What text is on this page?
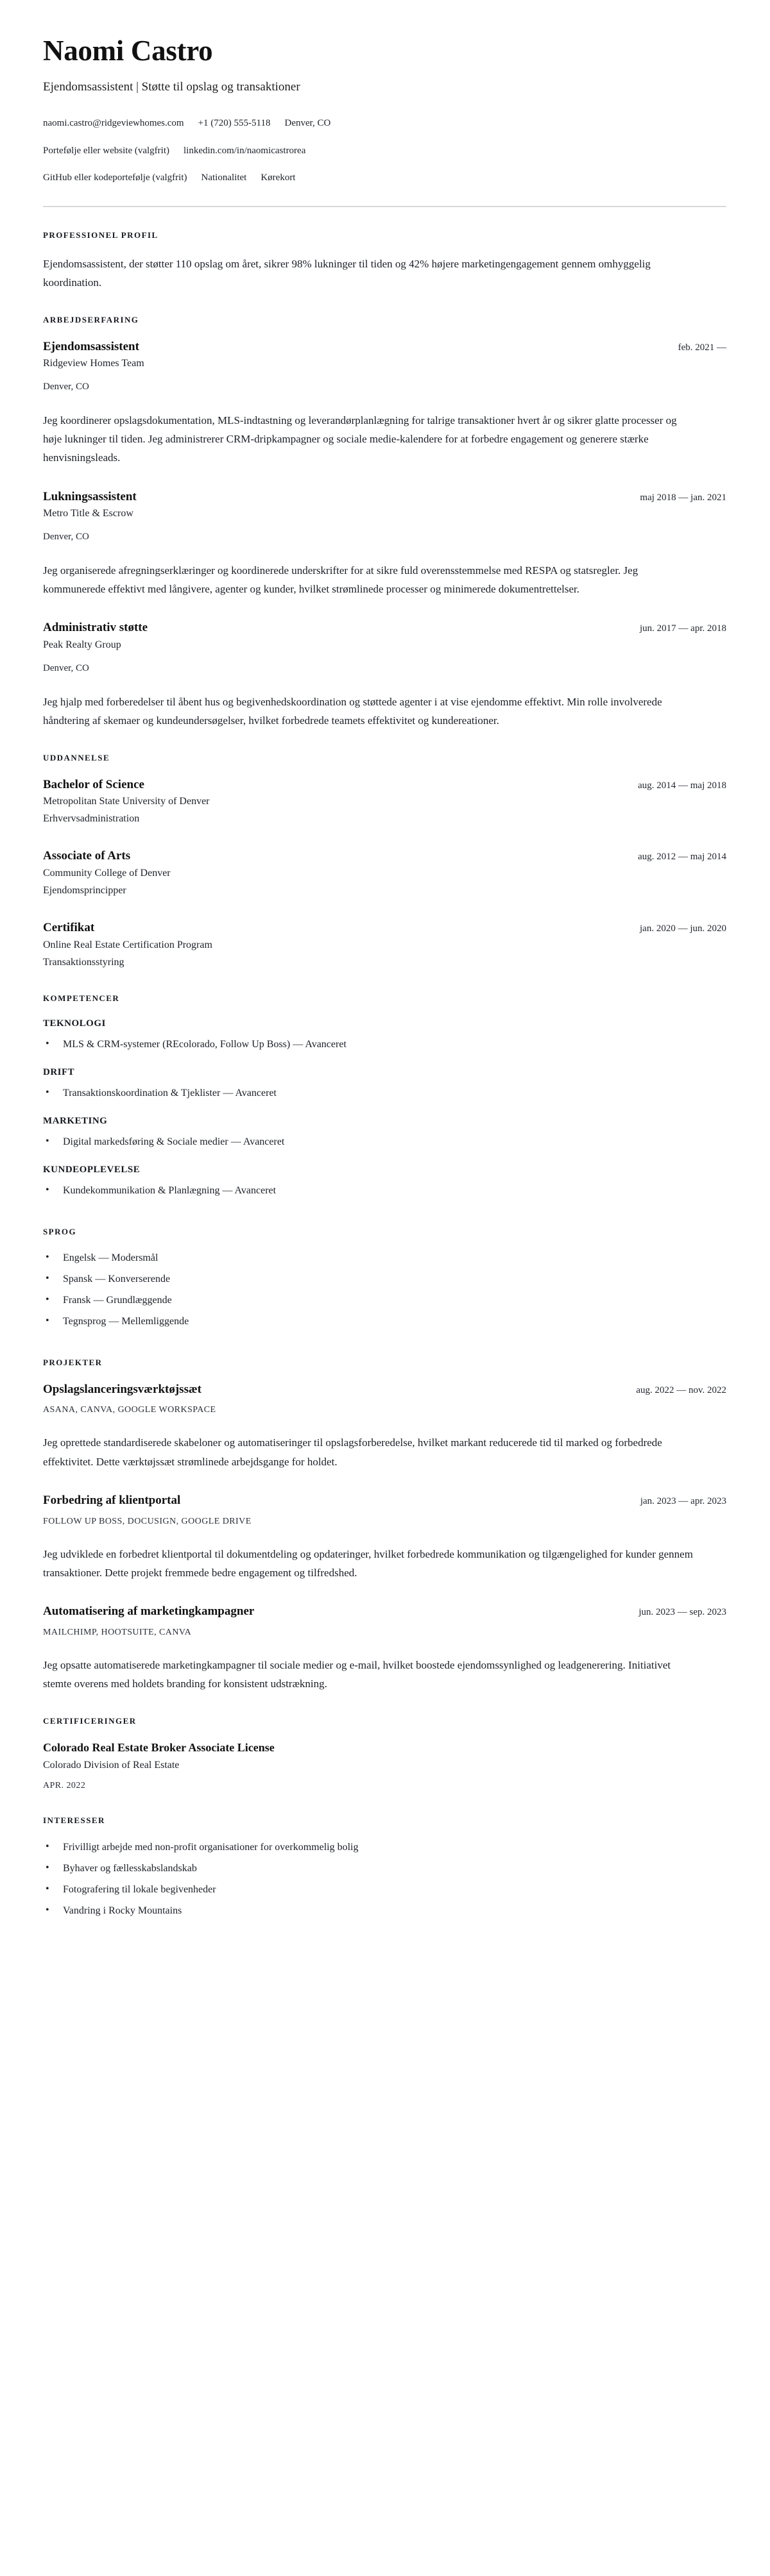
Naomi Castro

Ejendomsassistent | Støtte til opslag og transaktioner

naomi.castro@ridgeviewhomes.com +1 (720) 555-5118 Denver, CO
Portefølje eller website (valgfrit) linkedin.com/in/naomicastrorea
GitHub eller kodeportefølje (valgfrit) Nationalitet Kørekort
PROFESSIONEL PROFIL

Ejendomsassistent, der støtter 110 opslag om året, sikrer 98% lukninger til tiden og 42% højere marketingengagement gennem omhyggelig koordination.

ARBEJDSERFARING
Ejendomsassistent	feb. 2021 —

Ridgeview Homes Team

Denver, CO

Jeg koordinerer opslagsdokumentation, MLS-indtastning og leverandørplanlægning for talrige transaktioner hvert år og sikrer glatte processer og høje lukninger til tiden. Jeg administrerer CRM-dripkampagner og sociale medie-kalendere for at forbedre engagement og generere stærke henvisningsleads.

Lukningsassistent	maj 2018 — jan. 2021

Metro Title & Escrow

Denver, CO

Jeg organiserede afregningserklæringer og koordinerede underskrifter for at sikre fuld overensstemmelse med RESPA og statsregler. Jeg kommunerede effektivt med långivere, agenter og kunder, hvilket strømlinede processer og minimerede dokumentrettelser.

Administrativ støtte	jun. 2017 — apr. 2018

Peak Realty Group

Denver, CO

Jeg hjalp med forberedelser til åbent hus og begivenhedskoordination og støttede agenter i at vise ejendomme effektivt. Min rolle involverede håndtering af skemaer og kundeundersøgelser, hvilket forbedrede teamets effektivitet og kundereationer.

UDDANNELSE
Bachelor of Science	aug. 2014 — maj 2018

Metropolitan State University of Denver

Erhvervsadministration

Associate of Arts	aug. 2012 — maj 2014

Community College of Denver

Ejendomsprincipper

Certifikat	jan. 2020 — jun. 2020

Online Real Estate Certification Program

Transaktionsstyring

KOMPETENCER
TEKNOLOGI
• MLS & CRM-systemer (REcolorado, Follow Up Boss) — Avanceret
DRIFT
• Transaktionskoordination & Tjeklister — Avanceret
MARKETING
• Digital markedsføring & Sociale medier — Avanceret
KUNDEOPLEVELSE
• Kundekommunikation & Planlægning — Avanceret
SPROG
• Engelsk — Modersmål
• Spansk — Konverserende
• Fransk — Grundlæggende
• Tegnsprog — Mellemliggende
PROJEKTER
Opslagslanceringsværktøjssæt	aug. 2022 — nov. 2022

ASANA, CANVA, GOOGLE WORKSPACE

Jeg oprettede standardiserede skabeloner og automatiseringer til opslagsforberedelse, hvilket markant reducerede tid til marked og forbedrede effektivitet. Dette værktøjssæt strømlinede arbejdsgange for holdet.

Forbedring af klientportal	jan. 2023 — apr. 2023

FOLLOW UP BOSS, DOCUSIGN, GOOGLE DRIVE

Jeg udviklede en forbedret klientportal til dokumentdeling og opdateringer, hvilket forbedrede kommunikation og tilgængelighed for kunder gennem transaktioner. Dette projekt fremmede bedre engagement og tilfredshed.

Automatisering af marketingkampagner	jun. 2023 — sep. 2023

MAILCHIMP, HOOTSUITE, CANVA

Jeg opsatte automatiserede marketingkampagner til sociale medier og e-mail, hvilket boostede ejendomssynlighed og leadgenerering. Initiativet stemte overens med holdets branding for konsistent udstrækning.

CERTIFICERINGER
Colorado Real Estate Broker Associate License

Colorado Division of Real Estate

APR. 2022

INTERESSER
• Frivilligt arbejde med non-profit organisationer for overkommelig bolig
• Byhaver og fællesskabslandskab
• Fotografering til lokale begivenheder
• Vandring i Rocky Mountains
